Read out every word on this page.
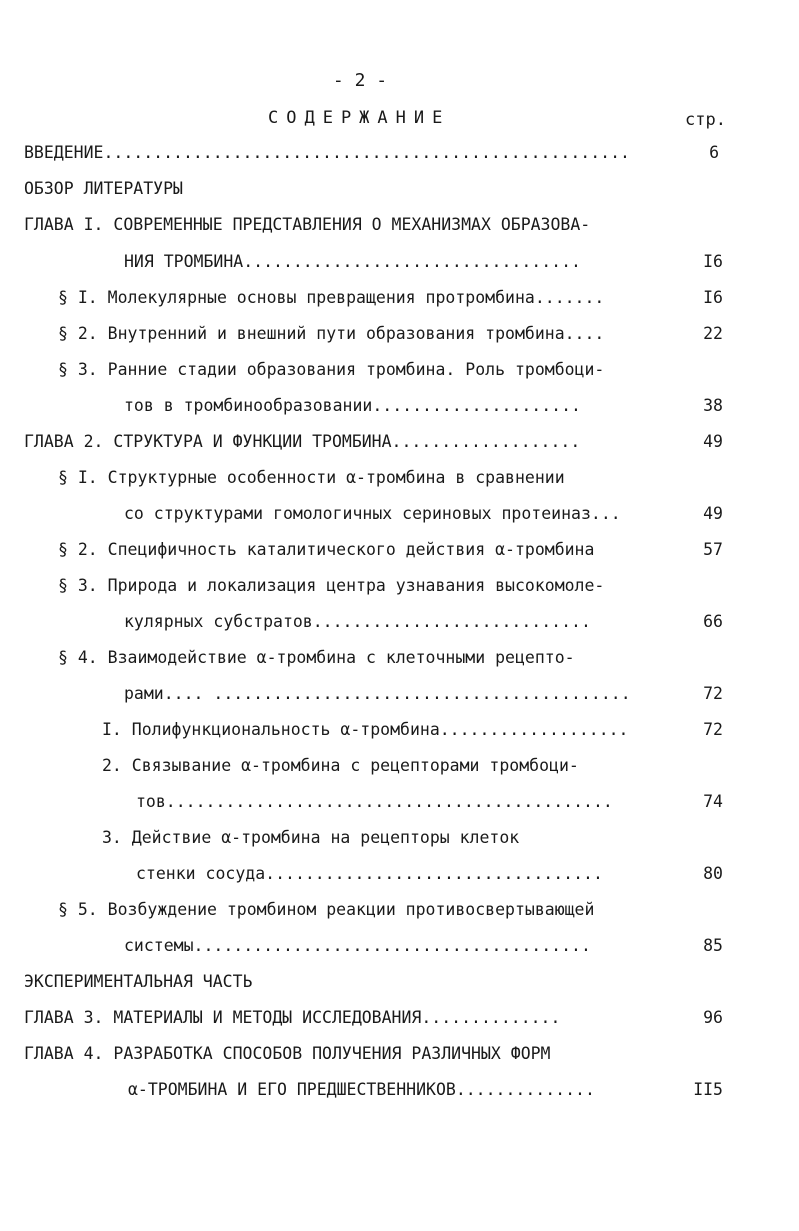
- 2 -
СОДЕРЖАНИЕ	стр.
ВВЕДЕНИЕ.....................................................	6
ОБЗОР ЛИТЕРАТУРЫ
ГЛАВА I. СОВРЕМЕННЫЕ ПРЕДСТАВЛЕНИЯ О МЕХАНИЗМАХ ОБРАЗОВА-
НИЯ ТРОМБИНА..................................	I6
§ I. Молекулярные основы превращения протромбина.......	I6
§ 2. Внутренний и внешний пути образования тромбина....	22
§ 3. Ранние стадии образования тромбина. Роль тромбоци-
тов в тромбинообразовании.....................	38
ГЛАВА 2. СТРУКТУРА И ФУНКЦИИ ТРОМБИНА...................	49
§ I. Структурные особенности α-тромбина в сравнении
со структурами гомологичных сериновых протеиназ...	49
§ 2. Специфичность каталитического действия α-тромбина	57
§ 3. Природа и локализация центра узнавания высокомоле-
кулярных субстратов............................	66
§ 4. Взаимодействие α-тромбина с клеточными рецепто-
рами.... ..........................................	72
I. Полифункциональность α-тромбина...................	72
2. Связывание α-тромбина с рецепторами тромбоци-
тов.............................................	74
3. Действие α-тромбина на рецепторы клеток
стенки сосуда..................................	80
§ 5. Возбуждение тромбином реакции противосвертывающей
системы........................................	85
ЭКСПЕРИМЕНТАЛЬНАЯ ЧАСТЬ
ГЛАВА 3. МАТЕРИАЛЫ И МЕТОДЫ ИССЛЕДОВАНИЯ..............	96
ГЛАВА 4. РАЗРАБОТКА СПОСОБОВ ПОЛУЧЕНИЯ РАЗЛИЧНЫХ ФОРМ
α-ТРОМБИНА И ЕГО ПРЕДШЕСТВЕННИКОВ..............	II5
